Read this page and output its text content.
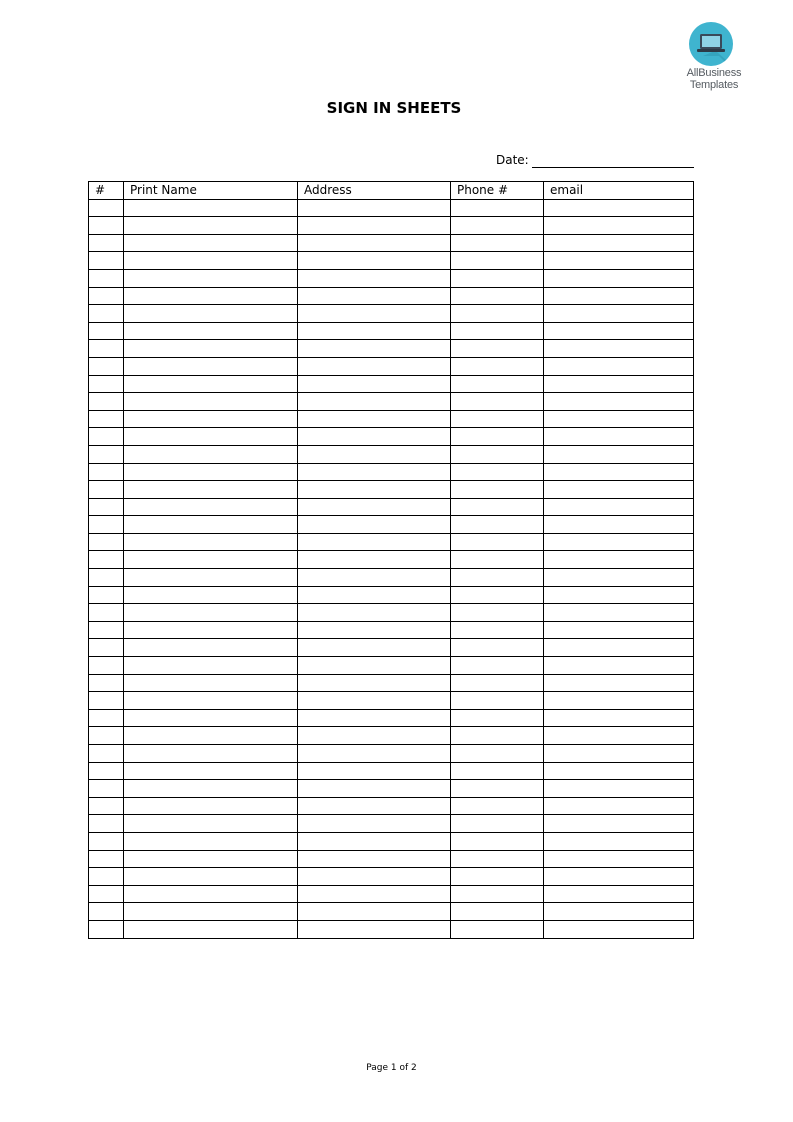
AllBusiness
Templates
SIGN IN SHEETS
Date:
#	Print Name	Address	Phone #	email

Page 1 of 2
